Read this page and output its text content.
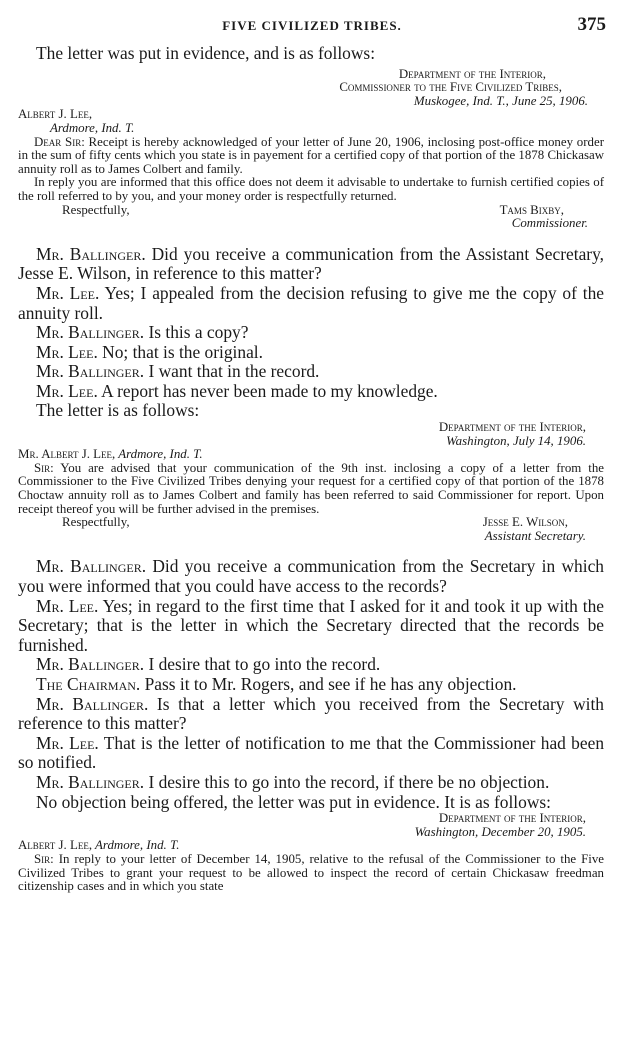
FIVE CIVILIZED TRIBES.	375

The letter was put in evidence, and is as follows:

Department of the Interior,

Commissioner to the Five Civilized Tribes,

Muskogee, Ind. T., June 25, 1906.

Albert J. Lee,

Ardmore, Ind. T.

Dear Sir: Receipt is hereby acknowledged of your letter of June 20, 1906, inclosing post-office money order in the sum of fifty cents which you state is in payement for a certified copy of that portion of the 1878 Chickasaw annuity roll as to James Colbert and family.

In reply you are informed that this office does not deem it advisable to undertake to furnish certified copies of the roll referred to by you, and your money order is respectfully returned.

Respectfully,	Tams Bixby,

Commissioner.

Mr. Ballinger. Did you receive a communication from the Assistant Secretary, Jesse E. Wilson, in reference to this matter?

Mr. Lee. Yes; I appealed from the decision refusing to give me the copy of the annuity roll.

Mr. Ballinger. Is this a copy?

Mr. Lee. No; that is the original.

Mr. Ballinger. I want that in the record.

Mr. Lee. A report has never been made to my knowledge.

The letter is as follows:

Department of the Interior,

Washington, July 14, 1906.

Mr. Albert J. Lee, Ardmore, Ind. T.

Sir: You are advised that your communication of the 9th inst. inclosing a copy of a letter from the Commissioner to the Five Civilized Tribes denying your request for a certified copy of that portion of the 1878 Choctaw annuity roll as to James Colbert and family has been referred to said Commissioner for report. Upon receipt thereof you will be further advised in the premises.

Respectfully,	Jesse E. Wilson,

Assistant Secretary.

Mr. Ballinger. Did you receive a communication from the Secretary in which you were informed that you could have access to the records?

Mr. Lee. Yes; in regard to the first time that I asked for it and took it up with the Secretary; that is the letter in which the Secretary directed that the records be furnished.

Mr. Ballinger. I desire that to go into the record.

The Chairman. Pass it to Mr. Rogers, and see if he has any objection.

Mr. Ballinger. Is that a letter which you received from the Secretary with reference to this matter?

Mr. Lee. That is the letter of notification to me that the Commissioner had been so notified.

Mr. Ballinger. I desire this to go into the record, if there be no objection.

No objection being offered, the letter was put in evidence. It is as follows:

Department of the Interior,

Washington, December 20, 1905.

Albert J. Lee, Ardmore, Ind. T.

Sir: In reply to your letter of December 14, 1905, relative to the refusal of the Commissioner to the Five Civilized Tribes to grant your request to be allowed to inspect the record of certain Chickasaw freedman citizenship cases and in which you state
